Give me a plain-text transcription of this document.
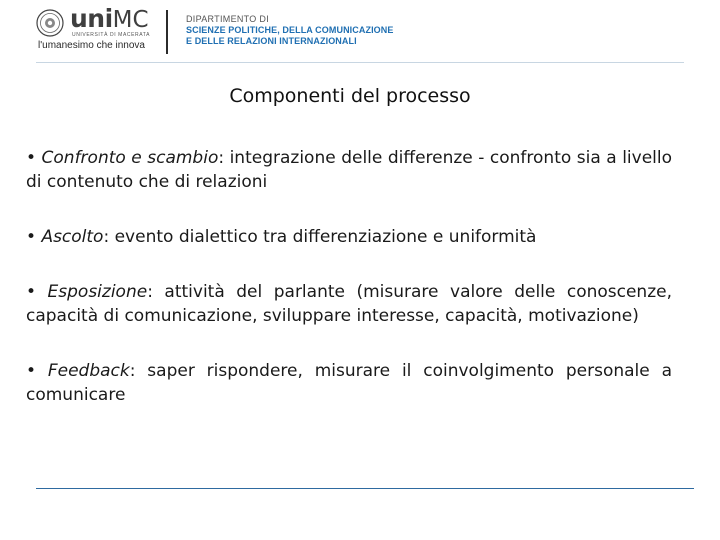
uniMC
UNIVERSITÀ DI MACERATA
l'umanesimo che innova
DIPARTIMENTO DI
SCIENZE POLITICHE, DELLA COMUNICAZIONE
E DELLE RELAZIONI INTERNAZIONALI
Componenti del processo

• Confronto e scambio: integrazione delle differenze - confronto sia a livello di contenuto che di relazioni

• Ascolto: evento dialettico tra differenziazione e uniformità

• Esposizione: attività del parlante (misurare valore delle conoscenze, capacità di comunicazione, sviluppare interesse, capacità, motivazione)

• Feedback: saper rispondere, misurare il coinvolgimento personale a comunicare
